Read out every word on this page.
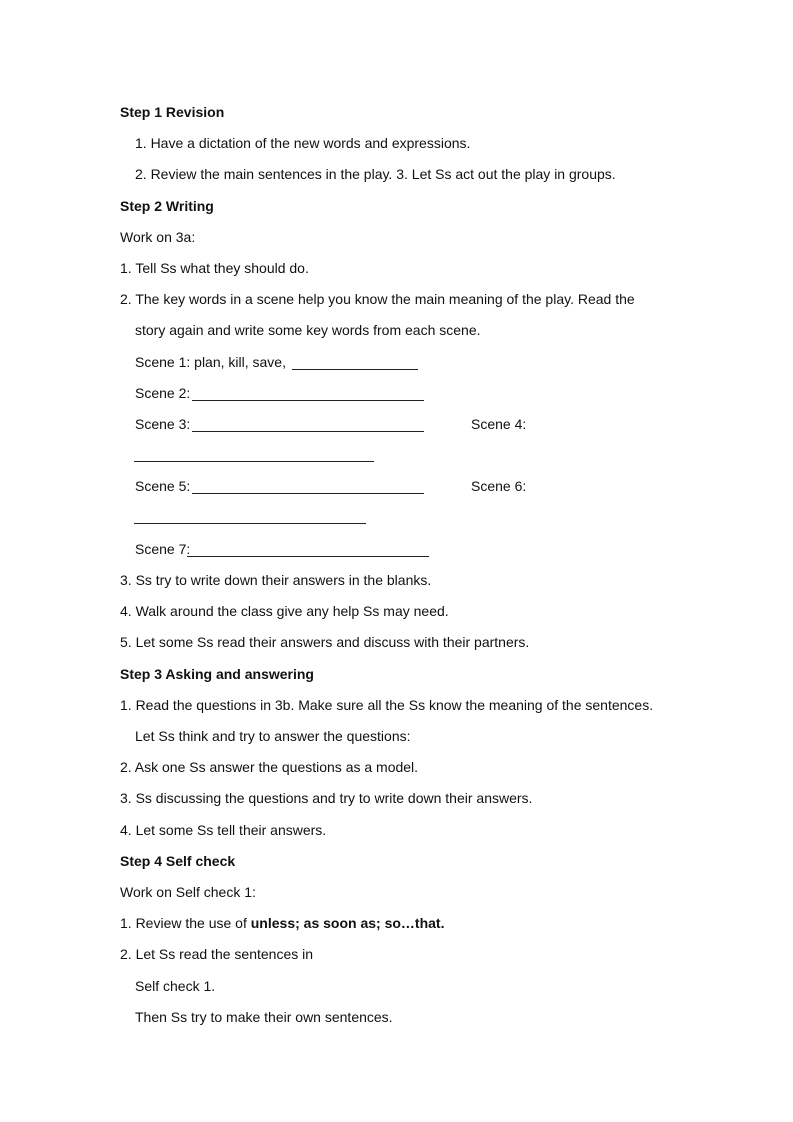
Step 1 Revision
1. Have a dictation of the new words and expressions.
2. Review the main sentences in the play. 3. Let Ss act out the play in groups.
Step 2 Writing
Work on 3a:
1. Tell Ss what they should do.
2. The key words in a scene help you know the main meaning of the play. Read the
story again and write some key words from each scene.
Scene 1: plan, kill, save,
Scene 2:
Scene 3:	Scene 4:
Scene 5:	Scene 6:
Scene 7:
3. Ss try to write down their answers in the blanks.
4. Walk around the class give any help Ss may need.
5. Let some Ss read their answers and discuss with their partners.
Step 3 Asking and answering
1. Read the questions in 3b. Make sure all the Ss know the meaning of the sentences.
Let Ss think and try to answer the questions:
2. Ask one Ss answer the questions as a model.
3. Ss discussing the questions and try to write down their answers.
4. Let some Ss tell their answers.
Step 4 Self check
Work on Self check 1:
1. Review the use of unless; as soon as; so…that.
2. Let Ss read the sentences in
Self check 1.
Then Ss try to make their own sentences.
